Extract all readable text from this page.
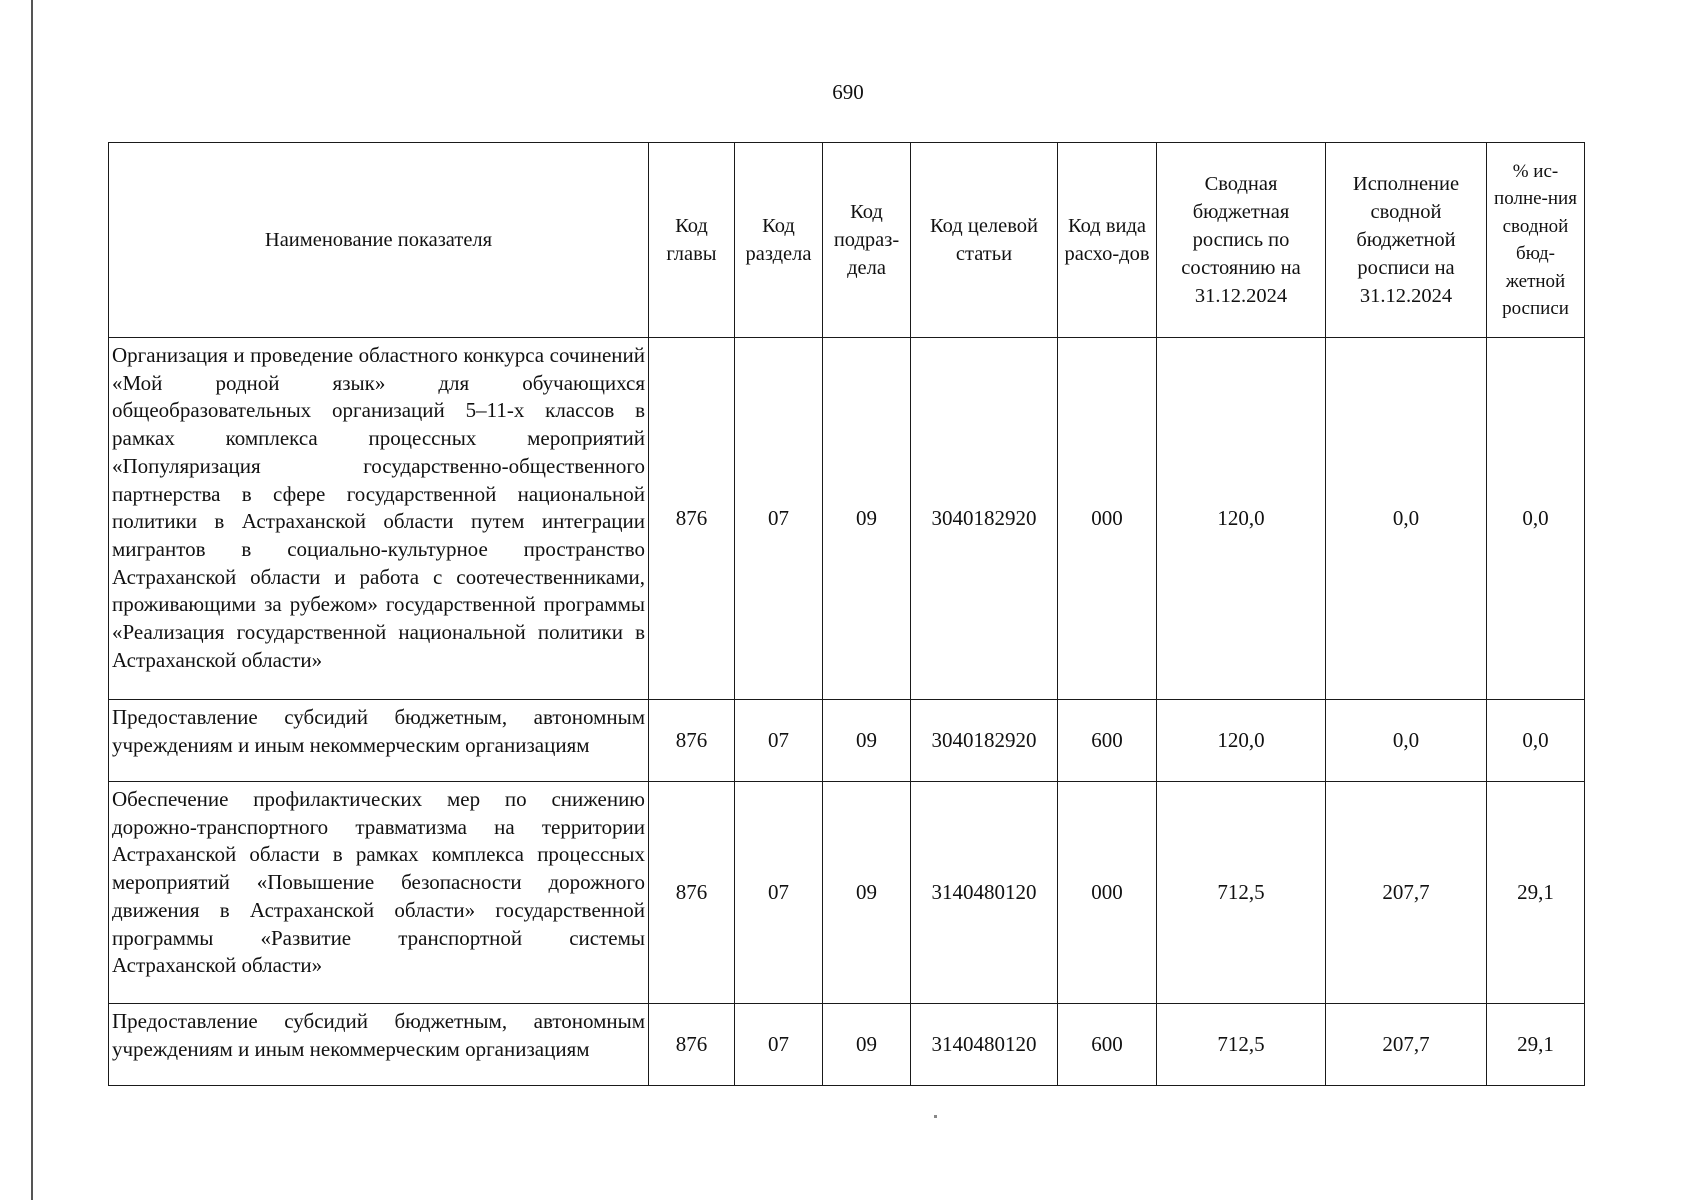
690
Наименование показателя	Код главы	Код раздела	Код подраз-дела	Код целевой статьи	Код вида расхо-дов	Сводная бюджетная роспись по состоянию на 31.12.2024	Исполнение сводной бюджетной росписи на 31.12.2024	% ис-полне-ния сводной бюд-жетной росписи
Организация и проведение областного конкурса сочинений «Мой родной язык» для обучающихся общеобразовательных организаций 5–11-х классов в рамках комплекса процессных мероприятий «Популяризация государственно-общественного партнерства в сфере государственной национальной политики в Астраханской области путем интеграции мигрантов в социально-культурное пространство Астраханской области и работа с соотечественниками, проживающими за рубежом» государственной программы «Реализация государственной национальной политики в Астраханской области»	876	07	09	3040182920	000	120,0	0,0	0,0
Предоставление субсидий бюджетным, автономным учреждениям и иным некоммерческим организациям	876	07	09	3040182920	600	120,0	0,0	0,0
Обеспечение профилактических мер по снижению дорожно-транспортного травматизма на территории Астраханской области в рамках комплекса процессных мероприятий «Повышение безопасности дорожного движения в Астраханской области» государственной программы «Развитие транспортной системы Астраханской области»	876	07	09	3140480120	000	712,5	207,7	29,1
Предоставление субсидий бюджетным, автономным учреждениям и иным некоммерческим организациям	876	07	09	3140480120	600	712,5	207,7	29,1
